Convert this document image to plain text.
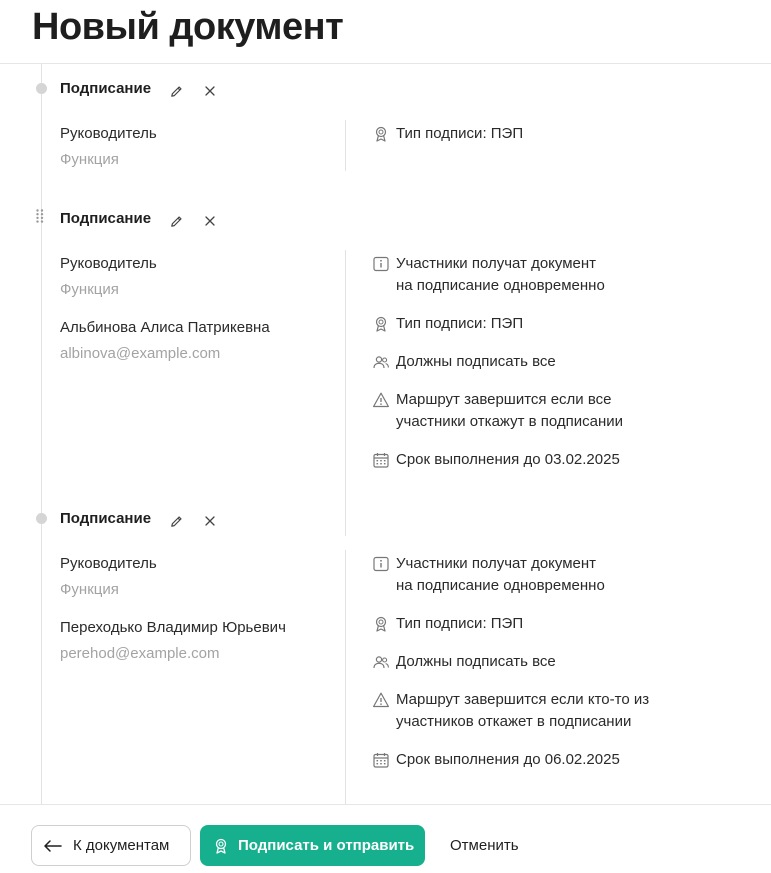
Новый документ
Подписание
Руководитель
Функция
Тип подписи: ПЭП
Подписание
Руководитель
Функция
Альбинова Алиса Патрикевна
albinova@example.com
Участники получат документ
на подписание одновременно
Тип подписи: ПЭП
Должны подписать все
Маршрут завершится если все
участники откажут в подписании
Срок выполнения до 03.02.2025
Подписание
Руководитель
Функция
Переходько Владимир Юрьевич
perehod@example.com
Участники получат документ
на подписание одновременно
Тип подписи: ПЭП
Должны подписать все
Маршрут завершится если кто-то из
участников откажет в подписании
Срок выполнения до 06.02.2025
К документам	Подписать и отправить	Отменить
